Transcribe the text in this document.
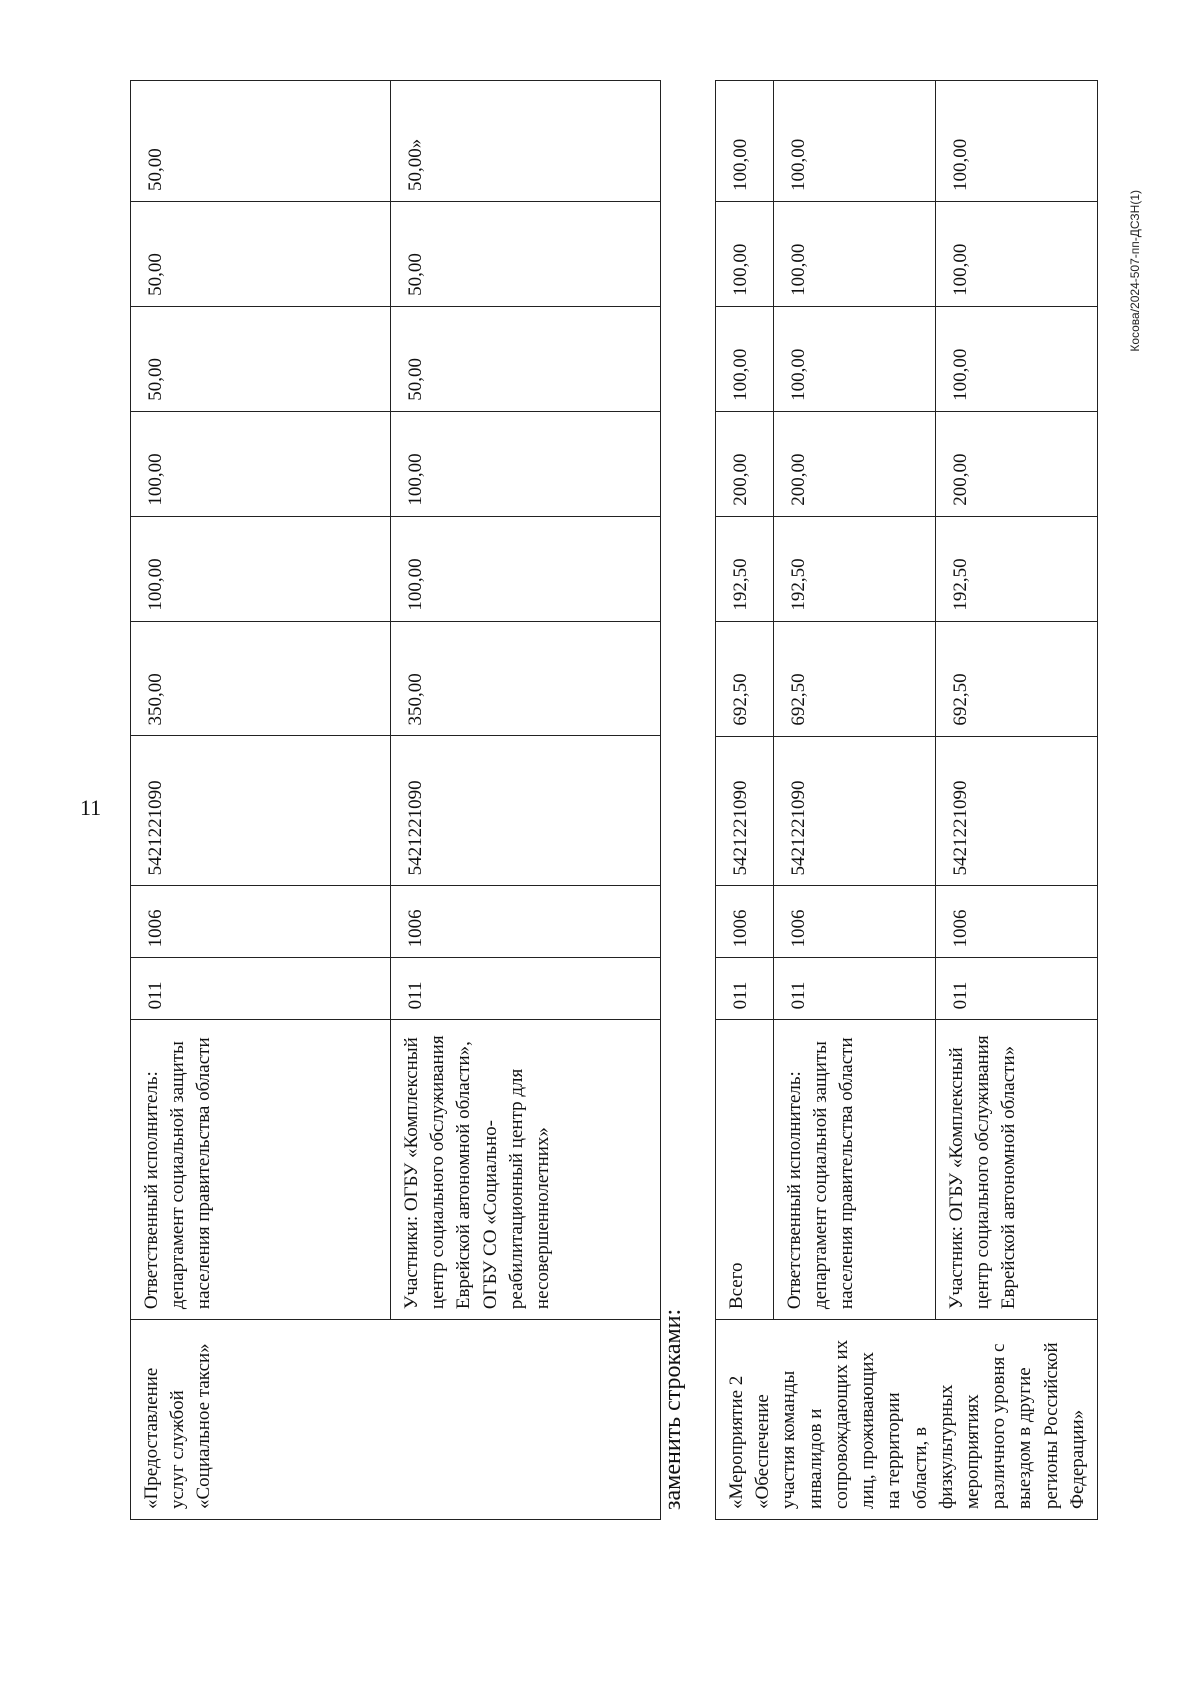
11
Косова/2024-507-пп-ДСЗН(1)
«Предоставление услуг службой «Социальное такси»	Ответственный исполнитель: департамент социальной защиты населения правительства области	011	1006	5421221090	350,00	100,00	100,00	50,00	50,00	50,00
	Участники: ОГБУ «Комплексный центр социального обслуживания Еврейской автономной области», ОГБУ СО «Социально-реабилитационный центр для несовершеннолетних»	011	1006	5421221090	350,00	100,00	100,00	50,00	50,00	50,00»
заменить строками: «Мероприятие 2 «Обеспечение участия команды инвалидов и сопровождающих их лиц, проживающих на территории области, в физкультурных мероприятиях различного уровня с выездом в другие регионы Российской Федерации»	Всего	011	1006	5421221090	692,50	192,50	200,00	100,00	100,00	100,00
	Ответственный исполнитель: департамент социальной защиты населения правительства области	011	1006	5421221090	692,50	192,50	200,00	100,00	100,00	100,00
	Участник: ОГБУ «Комплексный центр социального обслуживания Еврейской автономной области»	011	1006	5421221090	692,50	192,50	200,00	100,00	100,00	100,00
